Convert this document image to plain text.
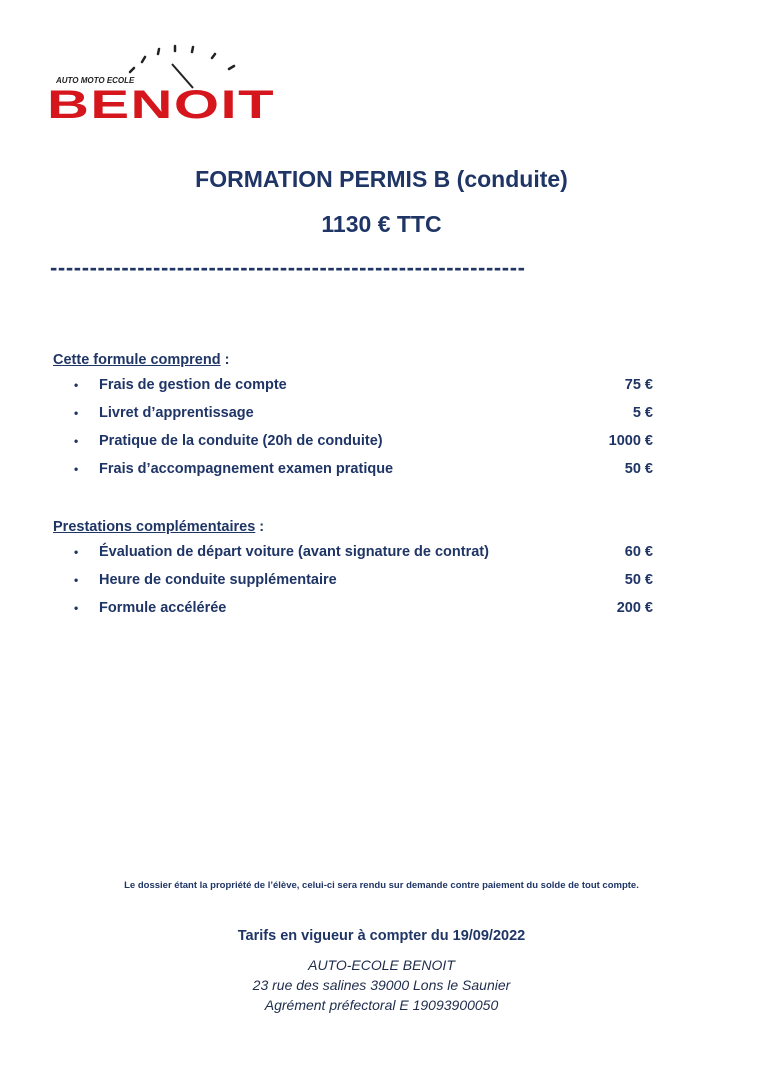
AUTO MOTO ECOLE
BENOIT
FORMATION PERMIS B (conduite)
1130 € TTC
------------------------------------------------------------
Cette formule comprend :
• Frais de gestion de compte	75 €
• Livret d’apprentissage	5 €
• Pratique de la conduite (20h de conduite)	1000 €
• Frais d’accompagnement examen pratique	50 €
Prestations complémentaires :
• Évaluation de départ voiture (avant signature de contrat)	60 €
• Heure de conduite supplémentaire	50 €
• Formule accélérée	200 €
Le dossier étant la propriété de l’élève, celui-ci sera rendu sur demande contre paiement du solde de tout compte.
Tarifs en vigueur à compter du 19/09/2022
AUTO-ECOLE BENOIT
23 rue des salines 39000 Lons le Saunier
Agrément préfectoral E 19093900050
